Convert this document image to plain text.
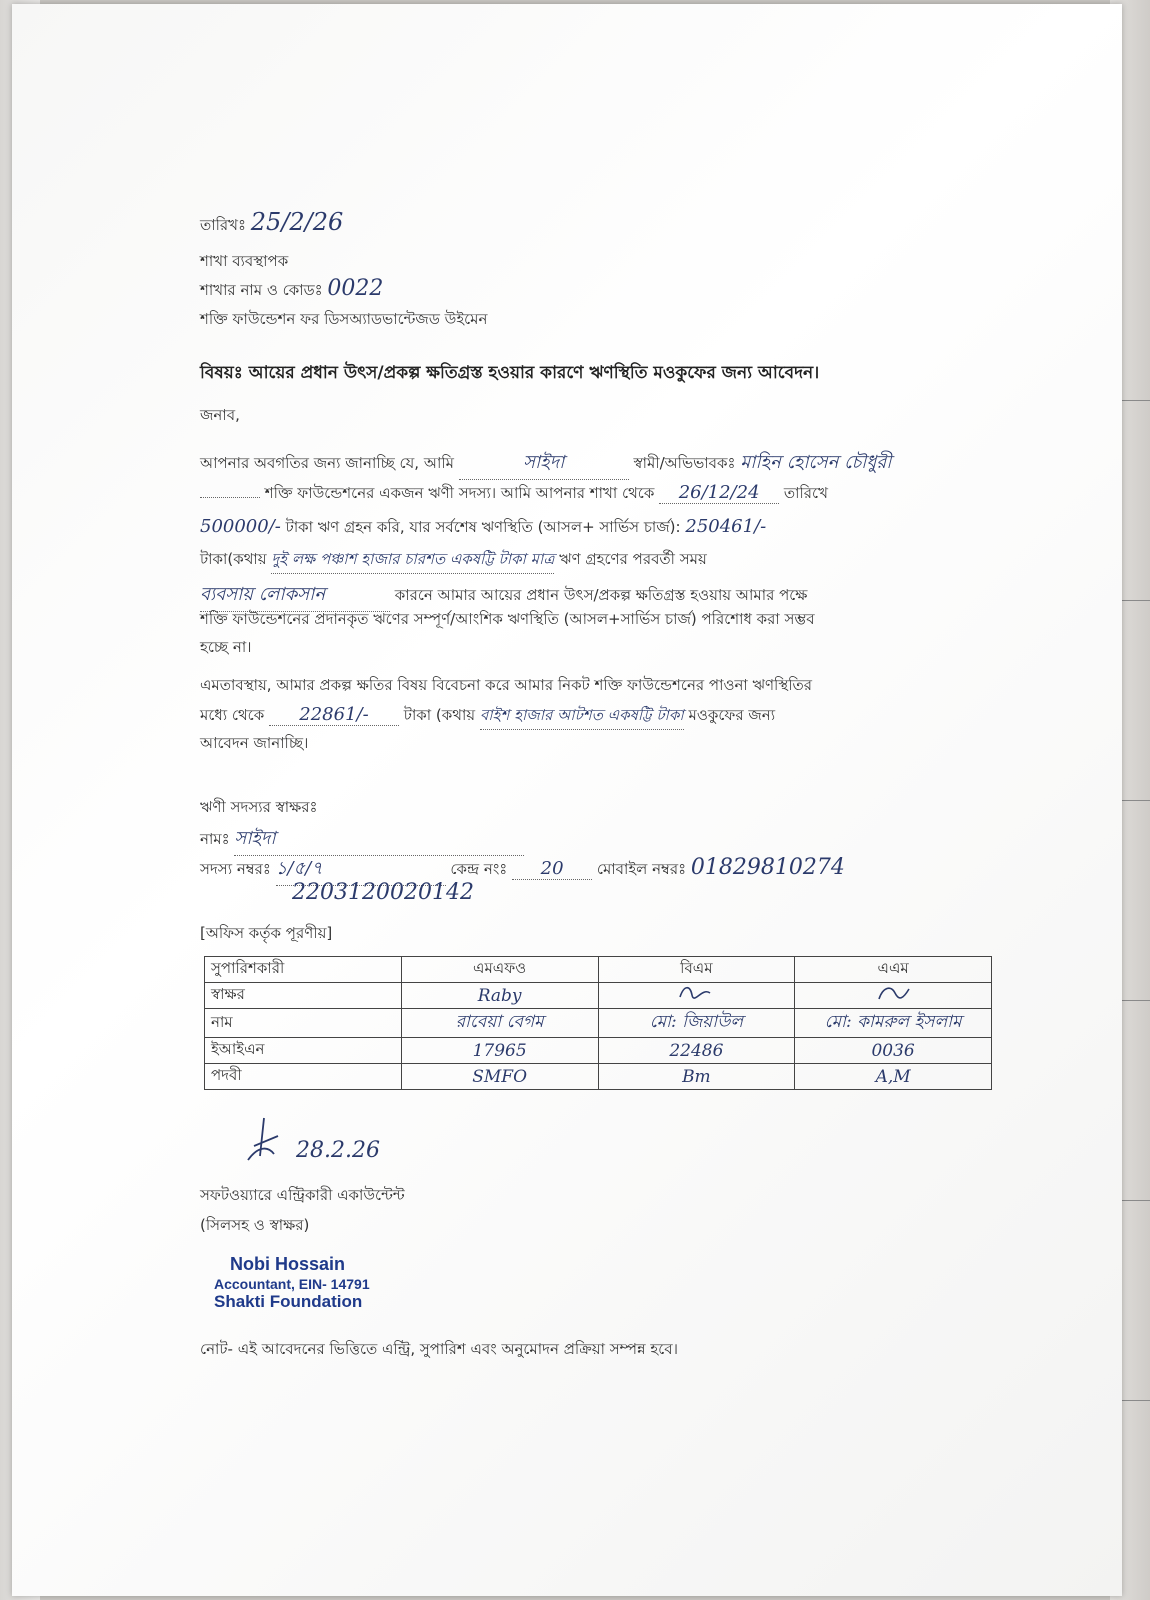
তারিখঃ 25/2/26
শাখা ব্যবস্থাপক
শাখার নাম ও কোডঃ 0022
শক্তি ফাউন্ডেশন ফর ডিসঅ্যাডভান্টেজড উইমেন
বিষয়ঃ আয়ের প্রধান উৎস/প্রকল্প ক্ষতিগ্রস্ত হওয়ার কারণে ঋণস্থিতি মওকুফের জন্য আবেদন।
জনাব,
আপনার অবগতির জন্য জানাচ্ছি যে, আমি	সাইদা	স্বামী/অভিভাবকঃ মাহিন হোসেন চৌধুরী
শক্তি ফাউন্ডেশনের একজন ঋণী সদস্য। আমি আপনার শাখা থেকে 26/12/24 তারিখে
500000/- টাকা ঋণ গ্রহন করি, যার সর্বশেষ ঋণস্থিতি (আসল+ সার্ভিস চার্জ): 250461/-
টাকা(কথায় দুই লক্ষ পঞ্চাশ হাজার চারশত একষট্টি টাকা মাত্র ঋণ গ্রহণের পরবর্তী সময়
ব্যবসায় লোকসান	কারনে আমার আয়ের প্রধান উৎস/প্রকল্প ক্ষতিগ্রস্ত হওয়ায় আমার পক্ষে
শক্তি ফাউন্ডেশনের প্রদানকৃত ঋণের সম্পূর্ণ/আংশিক ঋণস্থিতি (আসল+সার্ভিস চার্জ) পরিশোধ করা সম্ভব
হচ্ছে না।
এমতাবস্থায়, আমার প্রকল্প ক্ষতির বিষয় বিবেচনা করে আমার নিকট শক্তি ফাউন্ডেশনের পাওনা ঋণস্থিতির
মধ্যে থেকে 22861/- টাকা (কথায় বাইশ হাজার আটশত একষট্টি টাকা মওকুফের জন্য
আবেদন জানাচ্ছি।
ঋণী সদস্যর স্বাক্ষরঃ
নামঃ সাইদা
সদস্য নম্বরঃ ১/৫/৭	কেন্দ্র নংঃ 20 মোবাইল নম্বরঃ 01829810274
2203120020142
[অফিস কর্তৃক পূরণীয়]
সুপারিশকারী	এমএফও	বিএম	এএম
স্বাক্ষর	Raby

নাম	রাবেয়া বেগম	মো: জিয়াউল	মো: কামরুল ইসলাম

ইআইএন	17965	22486	0036

পদবী	SMFO	Bm	A,M
28.2.26
সফটওয়্যারে এন্ট্রিকারী একাউন্টেন্ট
(সিলসহ ও স্বাক্ষর)
Nobi Hossain
Accountant, EIN- 14791
Shakti Foundation
নোট- এই আবেদনের ভিত্তিতে এন্ট্রি, সুপারিশ এবং অনুমোদন প্রক্রিয়া সম্পন্ন হবে।
